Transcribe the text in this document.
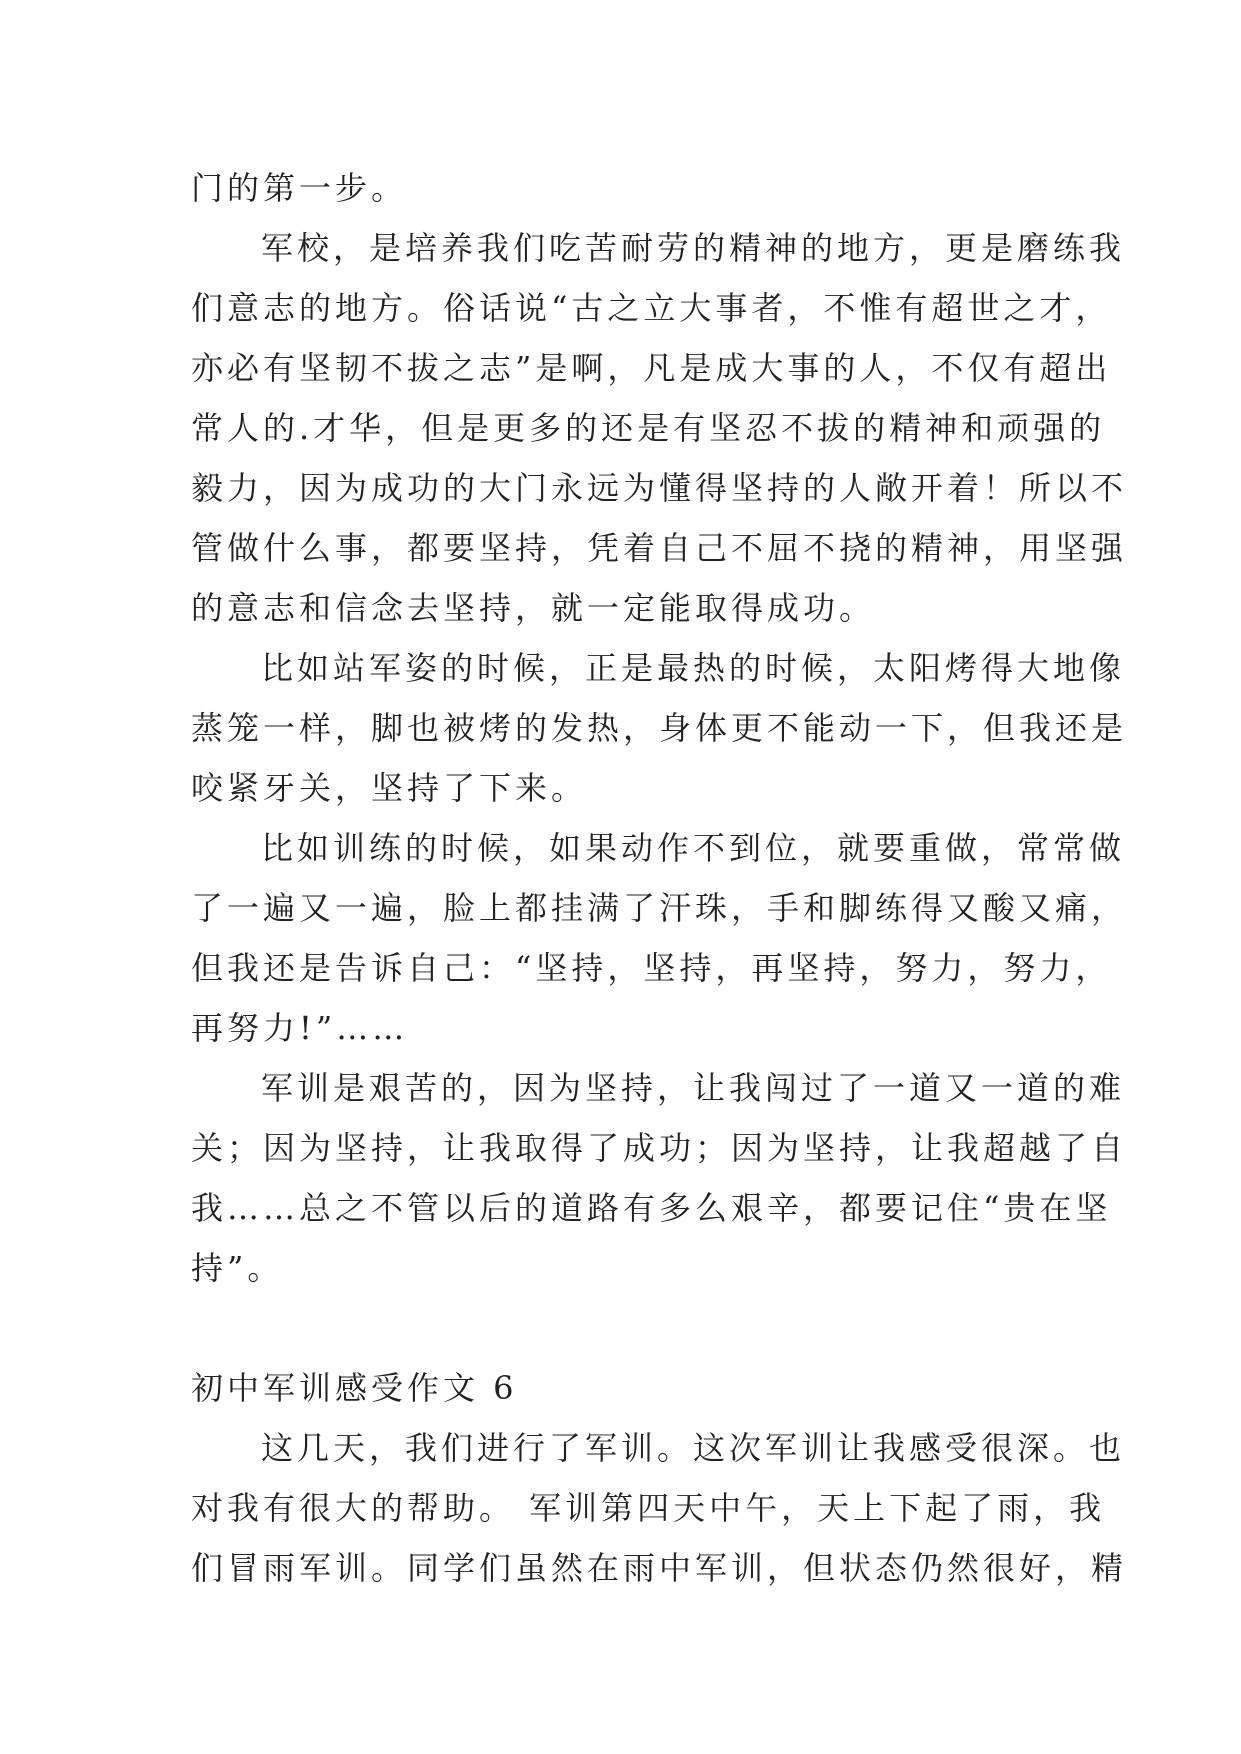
门的第一步。
军校，是培养我们吃苦耐劳的精神的地方，更是磨练我
们意志的地方。俗话说“古之立大事者，不惟有超世之才，
亦必有坚韧不拔之志”是啊，凡是成大事的人，不仅有超出
常人的.才华，但是更多的还是有坚忍不拔的精神和顽强的
毅力，因为成功的大门永远为懂得坚持的人敞开着！所以不
管做什么事，都要坚持，凭着自己不屈不挠的精神，用坚强
的意志和信念去坚持，就一定能取得成功。
比如站军姿的时候，正是最热的时候，太阳烤得大地像
蒸笼一样，脚也被烤的发热，身体更不能动一下，但我还是
咬紧牙关，坚持了下来。
比如训练的时候，如果动作不到位，就要重做，常常做
了一遍又一遍，脸上都挂满了汗珠，手和脚练得又酸又痛，
但我还是告诉自己：“坚持，坚持，再坚持，努力，努力，
再努力!”……
军训是艰苦的，因为坚持，让我闯过了一道又一道的难
关；因为坚持，让我取得了成功；因为坚持，让我超越了自
我……总之不管以后的道路有多么艰辛，都要记住“贵在坚
持”。
初中军训感受作文 6
这几天，我们进行了军训。这次军训让我感受很深。也
对我有很大的帮助。 军训第四天中午，天上下起了雨，我
们冒雨军训。同学们虽然在雨中军训，但状态仍然很好，精
